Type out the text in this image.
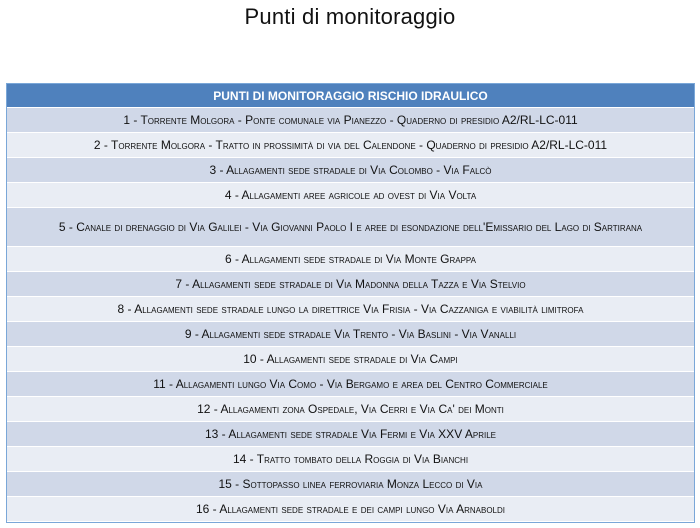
Punti di monitoraggio
PUNTI DI MONITORAGGIO RISCHIO IDRAULICO
1 - Torrente Molgora - Ponte comunale via Pianezzo - Quaderno di presidio A2/RL-LC-011
2 - Torrente Molgora - Tratto in prossimità di via del Calendone - Quaderno di presidio A2/RL-LC-011
3 - Allagamenti sede stradale di Via Colombo - Via Falcò
4 - Allagamenti aree agricole ad ovest di Via Volta
5 - Canale di drenaggio di Via Galilei - Via Giovanni Paolo I e aree di esondazione dell'Emissario del Lago di Sartirana
6 - Allagamenti sede stradale di Via Monte Grappa
7 - Allagamenti sede stradale di Via Madonna della Tazza e Via Stelvio
8 - Allagamenti sede stradale lungo la direttrice Via Frisia - Via Cazzaniga e viabilità limitrofa
9 - Allagamenti sede stradale Via Trento - Via Baslini - Via Vanalli
10 - Allagamenti sede stradale di Via Campi
11 - Allagamenti lungo Via Como - Via Bergamo e area del Centro Commerciale
12 - Allagamenti zona Ospedale, Via Cerri e Via Ca' dei Monti
13 - Allagamenti sede stradale Via Fermi e Via XXV Aprile
14 - Tratto tombato della Roggia di Via Bianchi
15 - Sottopasso linea ferroviaria Monza Lecco di Via
16 - Allagamenti sede stradale e dei campi lungo Via Arnaboldi
